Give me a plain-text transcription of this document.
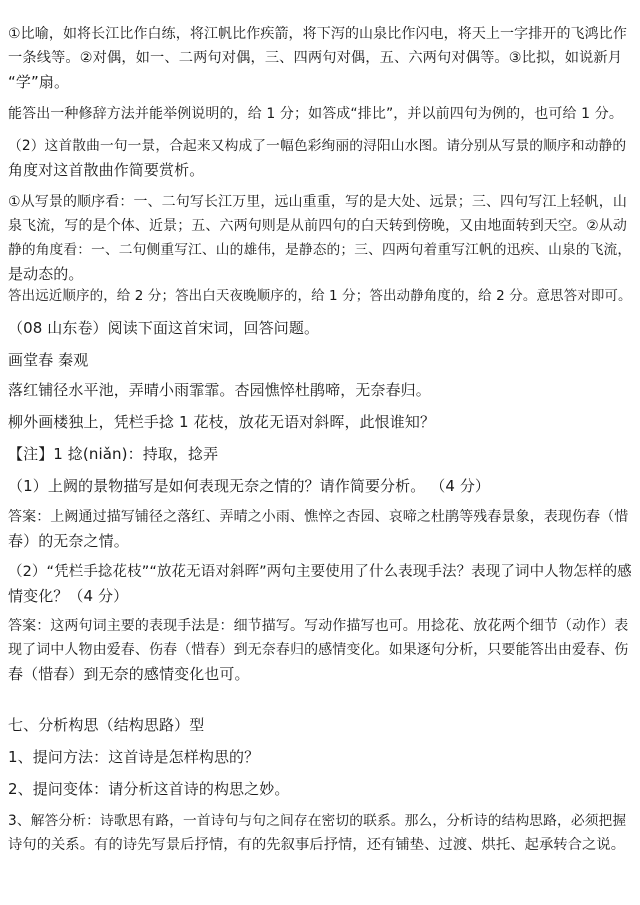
①比喻，如将长江比作白练，将江帆比作疾箭，将下泻的山泉比作闪电，将天上一字排开的飞鸿比作
一条线等。②对偶，如一、二两句对偶，三、四两句对偶，五、六两句对偶等。③比拟，如说新月
“学”扇。
能答出一种修辞方法并能举例说明的，给 1 分；如答成“排比”，并以前四句为例的，也可给 1 分。
（2）这首散曲一句一景，合起来又构成了一幅色彩绚丽的浔阳山水图。请分别从写景的顺序和动静的
角度对这首散曲作简要赏析。
①从写景的顺序看：一、二句写长江万里，远山重重，写的是大处、远景；三、四句写江上轻帆，山
泉飞流，写的是个体、近景；五、六两句则是从前四句的白天转到傍晚，又由地面转到天空。②从动
静的角度看：一、二句侧重写江、山的雄伟，是静态的；三、四两句着重写江帆的迅疾、山泉的飞流，
是动态的。
答出远近顺序的，给 2 分；答出白天夜晚顺序的，给 1 分；答出动静角度的，给 2 分。意思答对即可。
（08 山东卷）阅读下面这首宋词，回答问题。
画堂春 秦观
落红铺径水平池，弄晴小雨霏霏。杏园憔悴杜鹃啼，无奈春归。
柳外画楼独上，凭栏手捻 1 花枝，放花无语对斜晖，此恨谁知？
【注】1 捻(niǎn)：持取，捻弄
（1）上阙的景物描写是如何表现无奈之情的？请作简要分析。 （4 分）
答案：上阙通过描写铺径之落红、弄晴之小雨、憔悴之杏园、哀啼之杜鹃等残春景象，表现伤春（惜
春）的无奈之情。
（2）“凭栏手捻花枝”“放花无语对斜晖”两句主要使用了什么表现手法？表现了词中人物怎样的感
情变化？（4 分）
答案：这两句词主要的表现手法是：细节描写。写动作描写也可。用捻花、放花两个细节（动作）表
现了词中人物由爱春、伤春（惜春）到无奈春归的感情变化。如果逐句分析，只要能答出由爱春、伤
春（惜春）到无奈的感情变化也可。
七、分析构思（结构思路）型
1、提问方法：这首诗是怎样构思的？
2、提问变体：请分析这首诗的构思之妙。
3、解答分析：诗歌思有路，一首诗句与句之间存在密切的联系。那么，分析诗的结构思路，必须把握
诗句的关系。有的诗先写景后抒情，有的先叙事后抒情，还有铺垫、过渡、烘托、起承转合之说。
